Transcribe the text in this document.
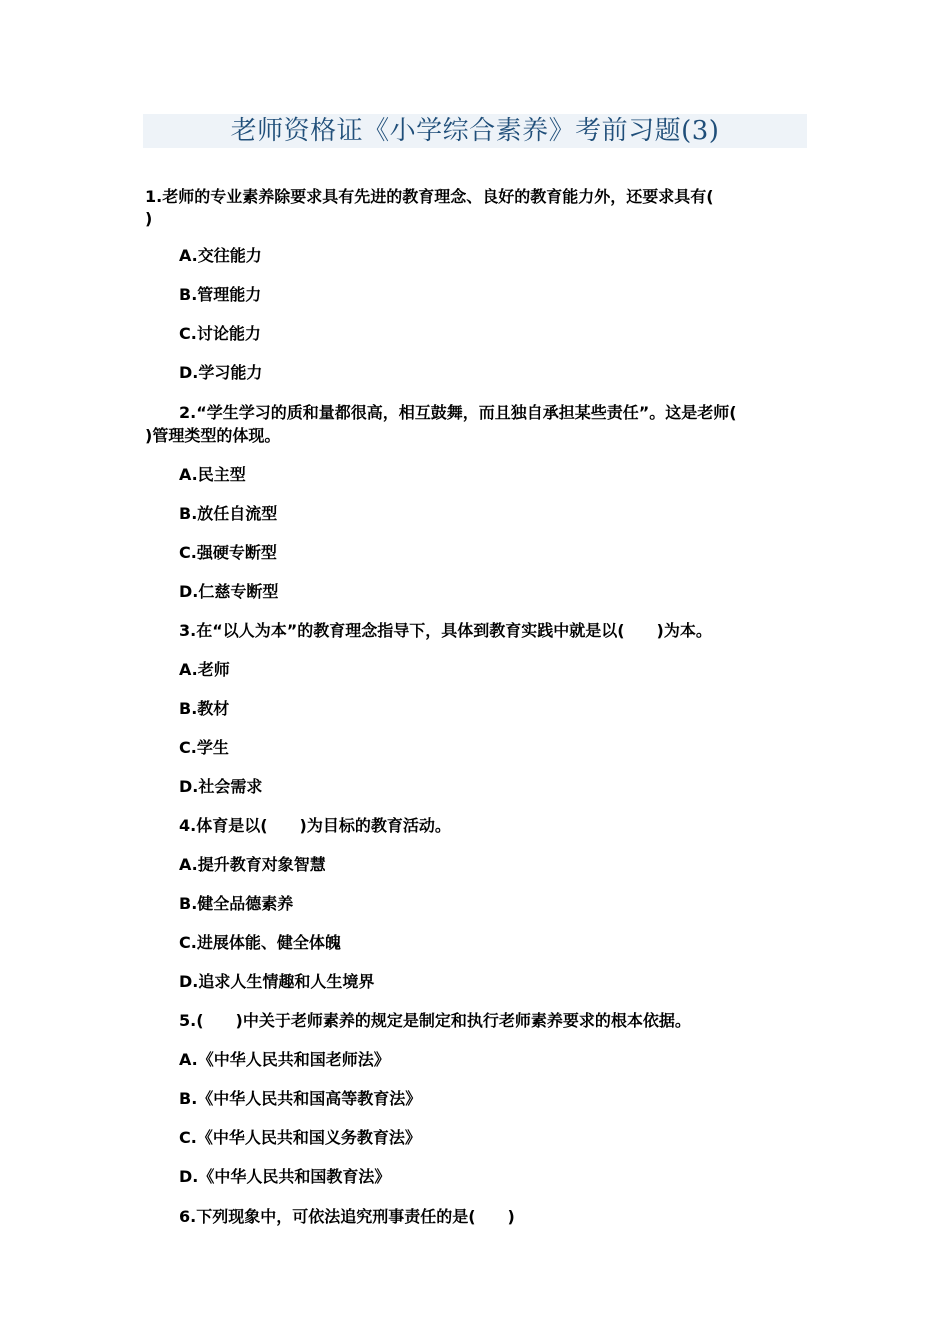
老师资格证《小学综合素养》考前习题(3)
1.老师的专业素养除要求具有先进的教育理念、良好的教育能力外，还要求具有(
)
A.交往能力
B.管理能力
C.讨论能力
D.学习能力
2.“学生学习的质和量都很高，相互鼓舞，而且独自承担某些责任”。这是老师(
)管理类型的体现。
A.民主型
B.放任自流型
C.强硬专断型
D.仁慈专断型
3.在“以人为本”的教育理念指导下，具体到教育实践中就是以(　　)为本。
A.老师
B.教材
C.学生
D.社会需求
4.体育是以(　　)为目标的教育活动。
A.提升教育对象智慧
B.健全品德素养
C.进展体能、健全体魄
D.追求人生情趣和人生境界
5.(　　)中关于老师素养的规定是制定和执行老师素养要求的根本依据。
A.《中华人民共和国老师法》
B.《中华人民共和国高等教育法》
C.《中华人民共和国义务教育法》
D.《中华人民共和国教育法》
6.下列现象中，可依法追究刑事责任的是(　　)
